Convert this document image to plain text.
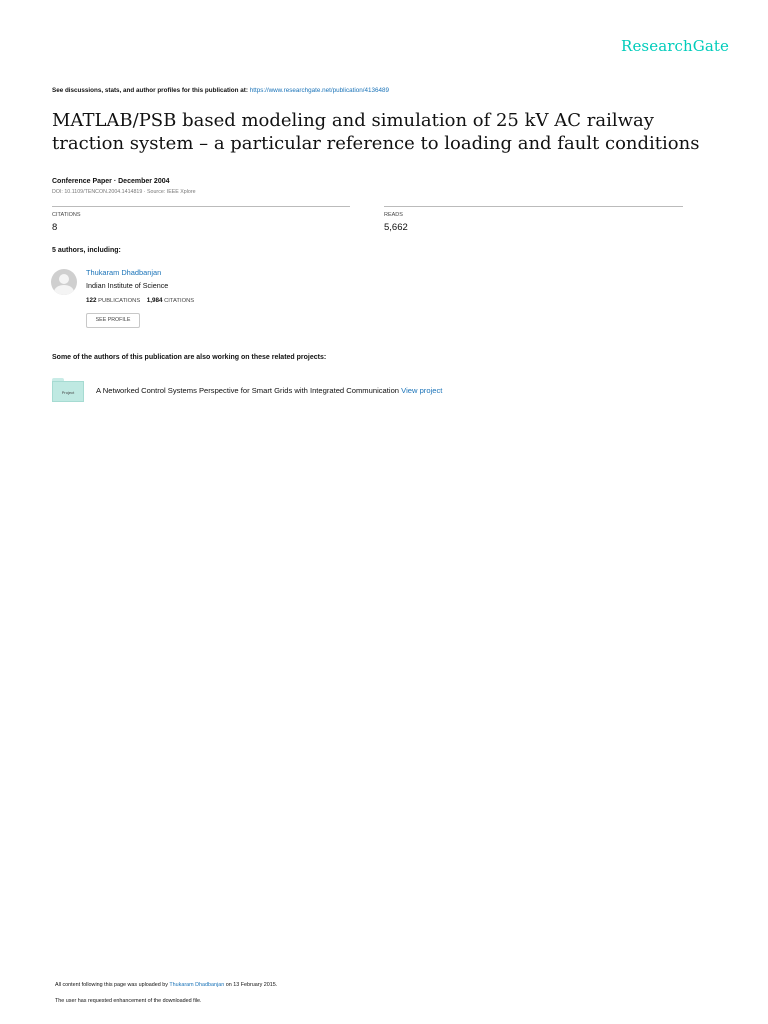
ResearchGate
See discussions, stats, and author profiles for this publication at: https://www.researchgate.net/publication/4136489
MATLAB/PSB based modeling and simulation of 25 kV AC railway traction system – a particular reference to loading and fault conditions
Conference Paper · December 2004
DOI: 10.1109/TENCON.2004.1414819 · Source: IEEE Xplore
CITATIONS
8
READS
5,662
5 authors, including:
Thukaram Dhadbanjan
Indian Institute of Science
122 PUBLICATIONS 1,984 CITATIONS
SEE PROFILE
Some of the authors of this publication are also working on these related projects:
Project	A Networked Control Systems Perspective for Smart Grids with Integrated Communication View project
All content following this page was uploaded by Thukaram Dhadbanjan on 13 February 2015.
The user has requested enhancement of the downloaded file.
